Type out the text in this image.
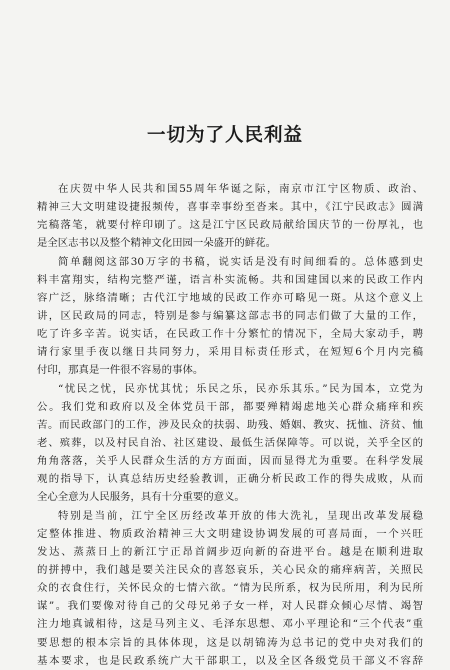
一切为了人民利益
在庆贺中华人民共和国55周年华诞之际，南京市江宁区物质、政治、
精神三大文明建设捷报频传，喜事幸事纷至沓来。其中，《江宁民政志》圆满
完稿落笔，就要付梓印刷了。这是江宁区民政局献给国庆节的一份厚礼，也
是全区志书以及整个精神文化田园一朵盛开的鲜花。
简单翻阅这部30万字的书稿，说实话是没有时间细看的。总体感到史
料丰富翔实，结构完整严谨，语言朴实流畅。共和国建国以来的民政工作内
容广泛，脉络清晰；古代江宁地域的民政工作亦可略见一斑。从这个意义上
讲，区民政局的同志，特别是参与编纂这部志书的同志们做了大量的工作，
吃了许多辛苦。说实话，在民政工作十分繁忙的情况下，全局大家动手，聘
请行家里手夜以继日共同努力，采用目标责任形式，在短短6个月内完稿
付印，那真是一件很不容易的事体。
“忧民之忧，民亦忧其忧；乐民之乐，民亦乐其乐。”民为国本，立党为
公。我们党和政府以及全体党员干部，都要殚精竭虑地关心群众痛痒和疾
苦。而民政部门的工作，涉及民众的扶弱、助残、婚姻、教灾、抚恤、济贫、恤
老、殡葬，以及村民自治、社区建设、最低生活保障等。可以说，关乎全区的
角角落落，关乎人民群众生活的方方面面，因而显得尤为重要。在科学发展
观的指导下，认真总结历史经验教训，正确分析民政工作的得失成败，从而
全心全意为人民服务，具有十分重要的意义。
特别是当前，江宁全区历经改革开放的伟大洗礼，呈现出改革发展稳
定整体推进、物质政治精神三大文明建设协调发展的可喜局面，一个兴旺
发达、蒸蒸日上的新江宁正昂首阔步迈向新的奋进平台。越是在顺利进取
的拼搏中，我们越是要关注民众的喜怒哀乐，关心民众的痛痒病苦，关照民
众的衣食住行，关怀民众的七情六欲。“情为民所系，权为民所用，利为民所
谋”。我们要像对待自己的父母兄弟子女一样，对人民群众倾心尽情、竭智
注力地真诚相待，这是马列主义、毛泽东思想、邓小平理论和“三个代表”重
要思想的根本宗旨的具体体现，这是以胡锦涛为总书记的党中央对我们的
基本要求，也是民政系统广大干部职工，以及全区各级党员干部义不容辞
